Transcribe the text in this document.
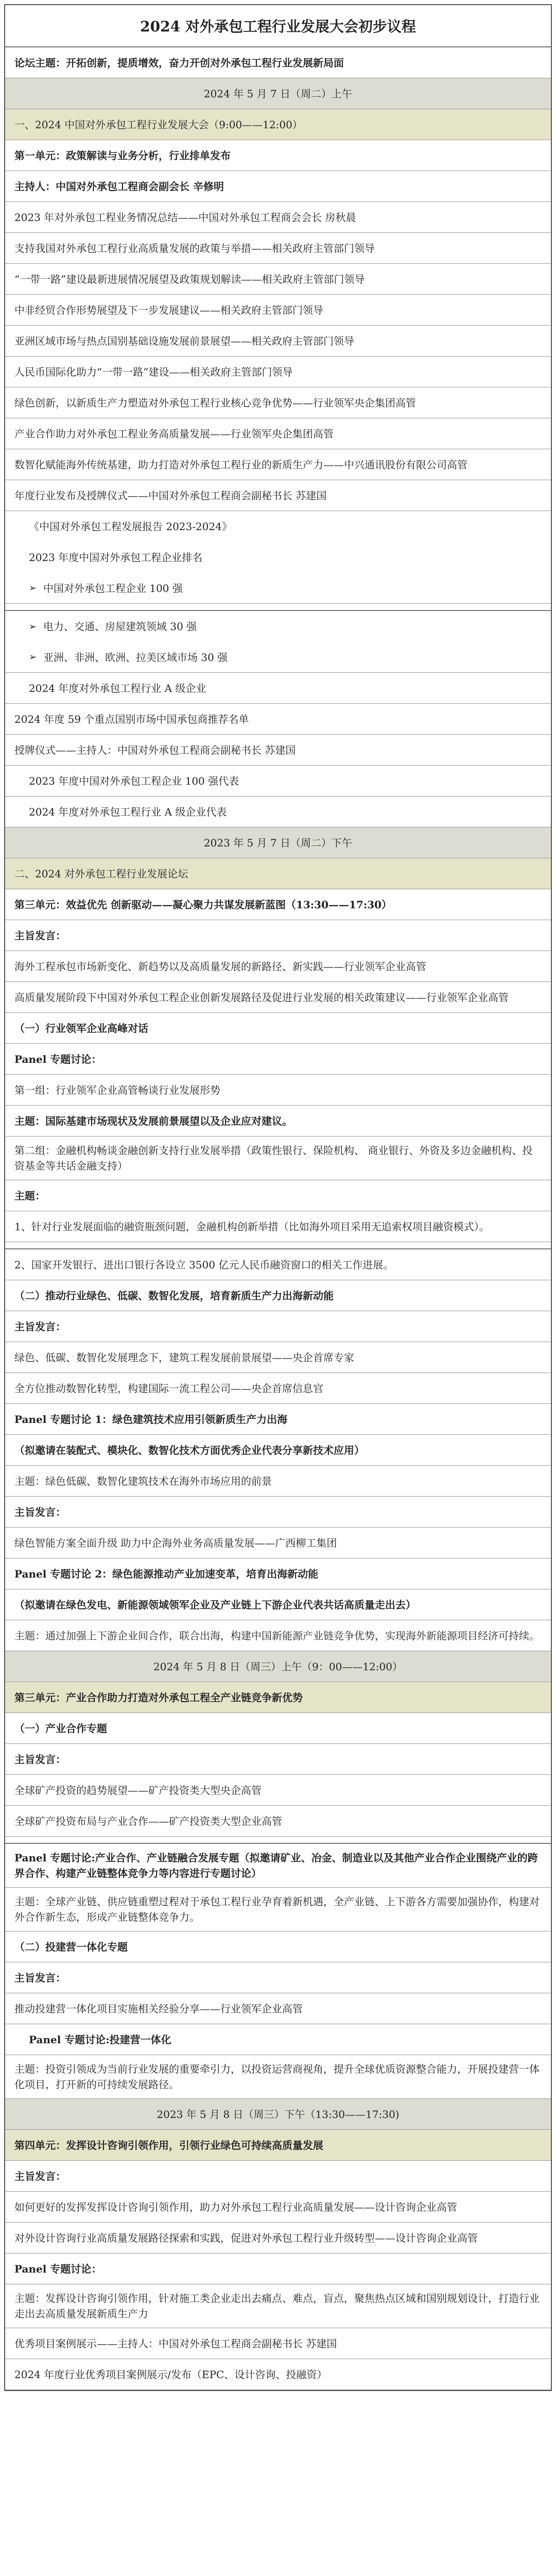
2024 对外承包工程行业发展大会初步议程
论坛主题： 开拓创新，提质增效，奋力开创对外承包工程行业发展新局面
2024 年 5 月 7 日（周二）上午
一、2024 中国对外承包工程行业发展大会（9:00——12:00）
第一单元：政策解读与业务分析，行业排单发布
主持人：中国对外承包工程商会副会长 辛修明
2023 年对外承包工程业务情况总结——中国对外承包工程商会会长 房秋晨
支持我国对外承包工程行业高质量发展的政策与举措——相关政府主管部门领导
“一带一路”建设最新进展情况展望及政策规划解读——相关政府主管部门领导
中非经贸合作形势展望及下一步发展建议——相关政府主管部门领导
亚洲区域市场与热点国别基础设施发展前景展望——相关政府主管部门领导
人民币国际化助力“一带一路”建设——相关政府主管部门领导
绿色创新，以新质生产力塑造对外承包工程行业核心竞争优势——行业领军央企集团高管
产业合作助力对外承包工程业务高质量发展——行业领军央企集团高管
数智化赋能海外传统基建，助力打造对外承包工程行业的新质生产力——中兴通讯股份有限公司高管
年度行业发布及授牌仪式——中国对外承包工程商会副秘书长 苏建国
《中国对外承包工程发展报告 2023-2024》
2023 年度中国对外承包工程企业排名
➢ 中国对外承包工程企业 100 强
➢ 电力、交通、房屋建筑领域 30 强
➢ 亚洲、非洲、欧洲、拉美区域市场 30 强
2024 年度对外承包工程行业 A 级企业
2024 年度 59 个重点国别市场中国承包商推荐名单
授牌仪式——主持人：中国对外承包工程商会副秘书长 苏建国
2023 年度中国对外承包工程企业 100 强代表
2024 年度对外承包工程行业 A 级企业代表
2023 年 5 月 7 日（周二）下午
二、2024 对外承包工程行业发展论坛
第三单元：效益优先 创新驱动——凝心聚力共谋发展新蓝图（13:30——17:30）
主旨发言：
海外工程承包市场新变化、新趋势以及高质量发展的新路径、新实践——行业领军企业高管
高质量发展阶段下中国对外承包工程企业创新发展路径及促进行业发展的相关政策建议——行业领军企业高管
（一）行业领军企业高峰对话
Panel 专题讨论：
第一组：行业领军企业高管畅谈行业发展形势
主题：国际基建市场现状及发展前景展望以及企业应对建议。
第二组：金融机构畅谈金融创新支持行业发展举措（政策性银行、保险机构、 商业银行、外资及多边金融机构、投资基金等共话金融支持）
主题：
1、针对行业发展面临的融资瓶颈问题，金融机构创新举措（比如海外项目采用无追索权项目融资模式）。
2、国家开发银行、进出口银行各设立 3500 亿元人民币融资窗口的相关工作进展。
（二）推动行业绿色、低碳、数智化发展，培育新质生产力出海新动能
主旨发言：
绿色、低碳、数智化发展理念下，建筑工程发展前景展望——央企首席专家
全方位推动数智化转型，构建国际一流工程公司——央企首席信息官
Panel 专题讨论 1：绿色建筑技术应用引领新质生产力出海
（拟邀请在装配式、模块化、数智化技术方面优秀企业代表分享新技术应用）
主题：绿色低碳、数智化建筑技术在海外市场应用的前景
主旨发言：
绿色智能方案全面升级 助力中企海外业务高质量发展——广西柳工集团
Panel 专题讨论 2：绿色能源推动产业加速变革，培育出海新动能
（拟邀请在绿色发电、新能源领域领军企业及产业链上下游企业代表共话高质量走出去）
主题：通过加强上下游企业间合作，联合出海，构建中国新能源产业链竞争优势，实现海外新能源项目经济可持续。
2024 年 5 月 8 日（周三）上午（9：00——12:00）
第三单元：产业合作助力打造对外承包工程全产业链竞争新优势
（一）产业合作专题
主旨发言：
全球矿产投资的趋势展望——矿产投资类大型央企高管
全球矿产投资布局与产业合作——矿产投资类大型企业高管
Panel 专题讨论:产业合作、产业链融合发展专题（拟邀请矿业、冶金、制造业以及其他产业合作企业围绕产业的跨界合作、构建产业链整体竞争力等内容进行专题讨论）
主题：全球产业链、供应链重塑过程对于承包工程行业孕育着新机遇，全产业链、上下游各方需要加强协作，构建对外合作新生态，形成产业链整体竞争力。
（二）投建营一体化专题
主旨发言：
推动投建营一体化项目实施相关经验分享——行业领军企业高管
Panel 专题讨论:投建营一体化
主题：投资引领成为当前行业发展的重要牵引力，以投资运营商视角，提升全球优质资源整合能力，开展投建营一体化项目，打开新的可持续发展路径。
2023 年 5 月 8 日（周三）下午（13:30——17:30)
第四单元：发挥设计咨询引领作用，引领行业绿色可持续高质量发展
主旨发言：
如何更好的发挥发挥设计咨询引领作用，助力对外承包工程行业高质量发展——设计咨询企业高管
对外设计咨询行业高质量发展路径探索和实践，促进对外承包工程行业升级转型——设计咨询企业高管
Panel 专题讨论：
主题：发挥设计咨询引领作用，针对施工类企业走出去痛点、难点，盲点，聚焦热点区域和国别规划设计，打造行业走出去高质量发展新质生产力
优秀项目案例展示——主持人：中国对外承包工程商会副秘书长 苏建国
2024 年度行业优秀项目案例展示/发布（EPC、设计咨询、投融资）
